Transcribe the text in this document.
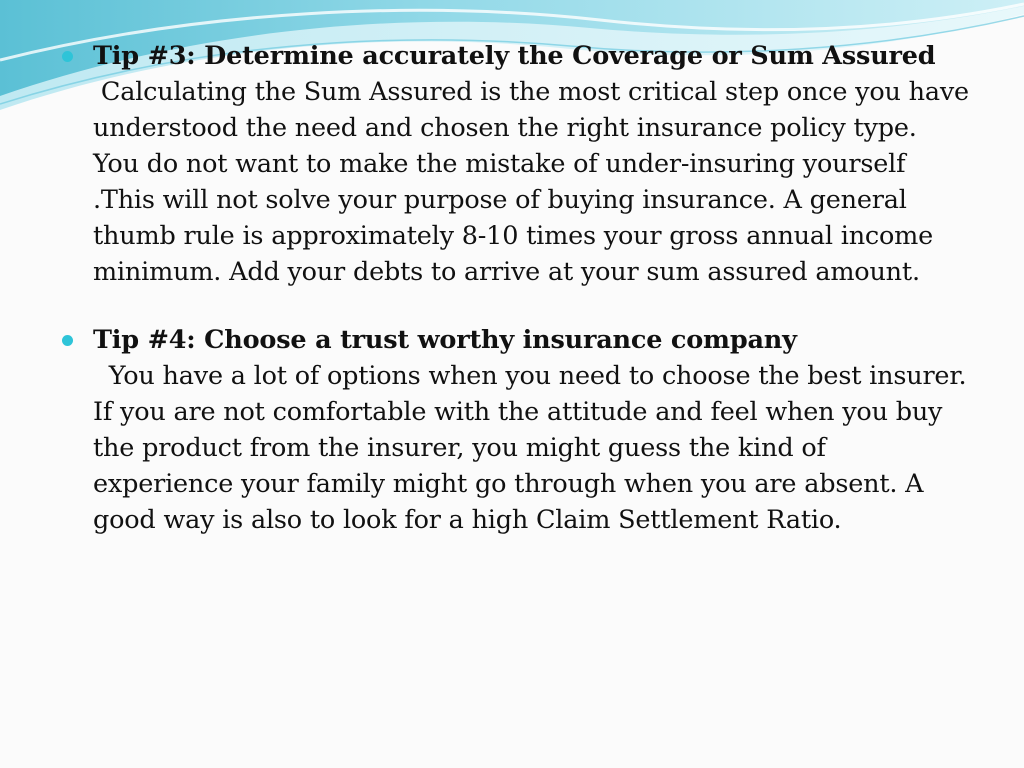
Tip #3: Determine accurately the Coverage or Sum Assured

Calculating the Sum Assured is the most critical step once you have
understood the need and chosen the right insurance policy type.
You do not want to make the mistake of under-insuring yourself
.This will not solve your purpose of buying insurance. A general
thumb rule is approximately 8-10 times your gross annual income
minimum. Add your debts to arrive at your sum assured amount.

Tip #4: Choose a trust worthy insurance company

You have a lot of options when you need to choose the best insurer.
If you are not comfortable with the attitude and feel when you buy
the product from the insurer, you might guess the kind of
experience your family might go through when you are absent. A
good way is also to look for a high Claim Settlement Ratio.
